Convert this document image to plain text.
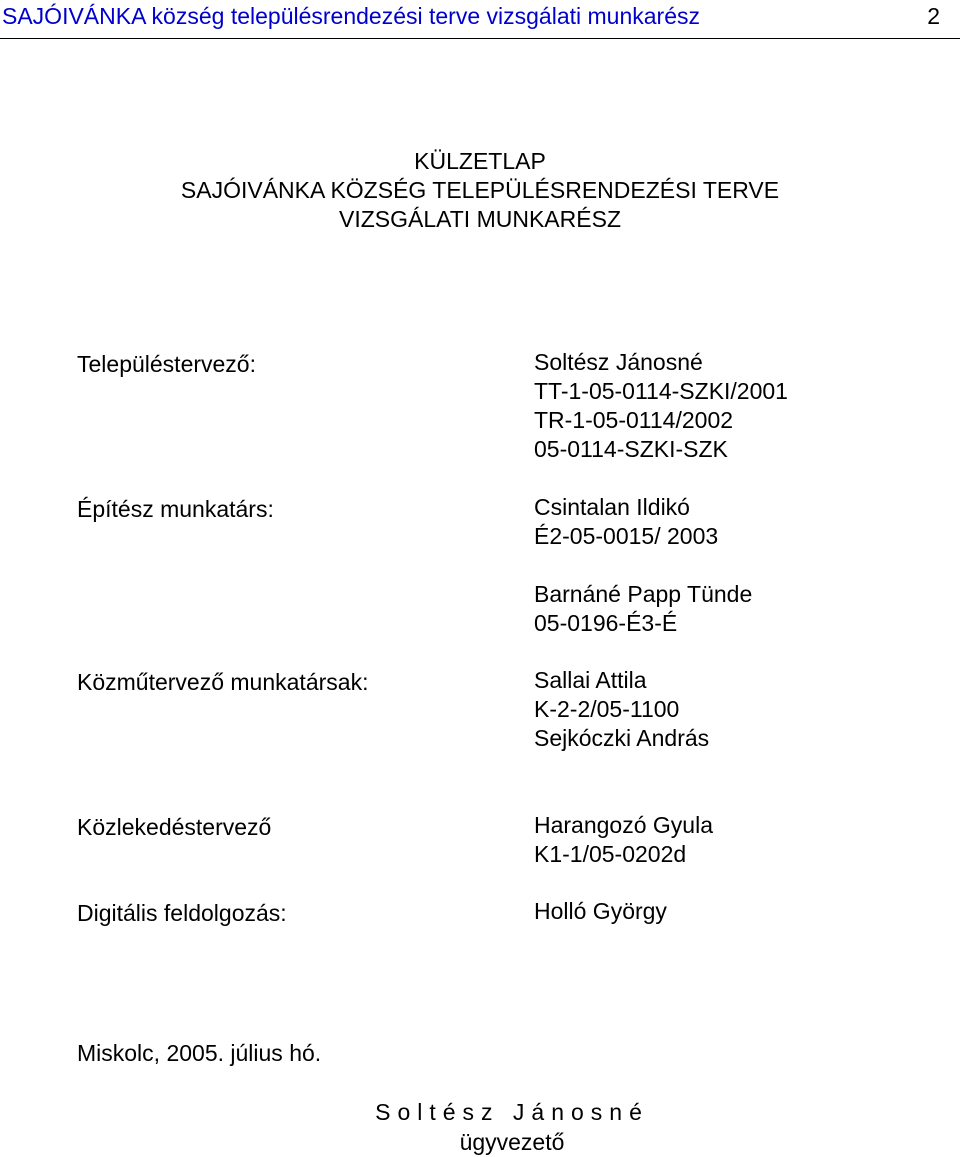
SAJÓIVÁNKA község településrendezési terve vizsgálati munkarész	2
KÜLZETLAP
SAJÓIVÁNKA KÖZSÉG TELEPÜLÉSRENDEZÉSI TERVE
VIZSGÁLATI MUNKARÉSZ
Településtervező:	Soltész Jánosné
TT-1-05-0114-SZKI/2001
TR-1-05-0114/2002
05-0114-SZKI-SZK
Építész munkatárs:	Csintalan Ildikó
É2-05-0015/ 2003
Barnáné Papp Tünde
05-0196-É3-É
Közműtervező munkatársak:	Sallai Attila
K-2-2/05-1100
Sejkóczki András
Közlekedéstervező	Harangozó Gyula
K1-1/05-0202d
Digitális feldolgozás:	Holló György
Miskolc, 2005. július hó.
Soltész Jánosné
ügyvezető
